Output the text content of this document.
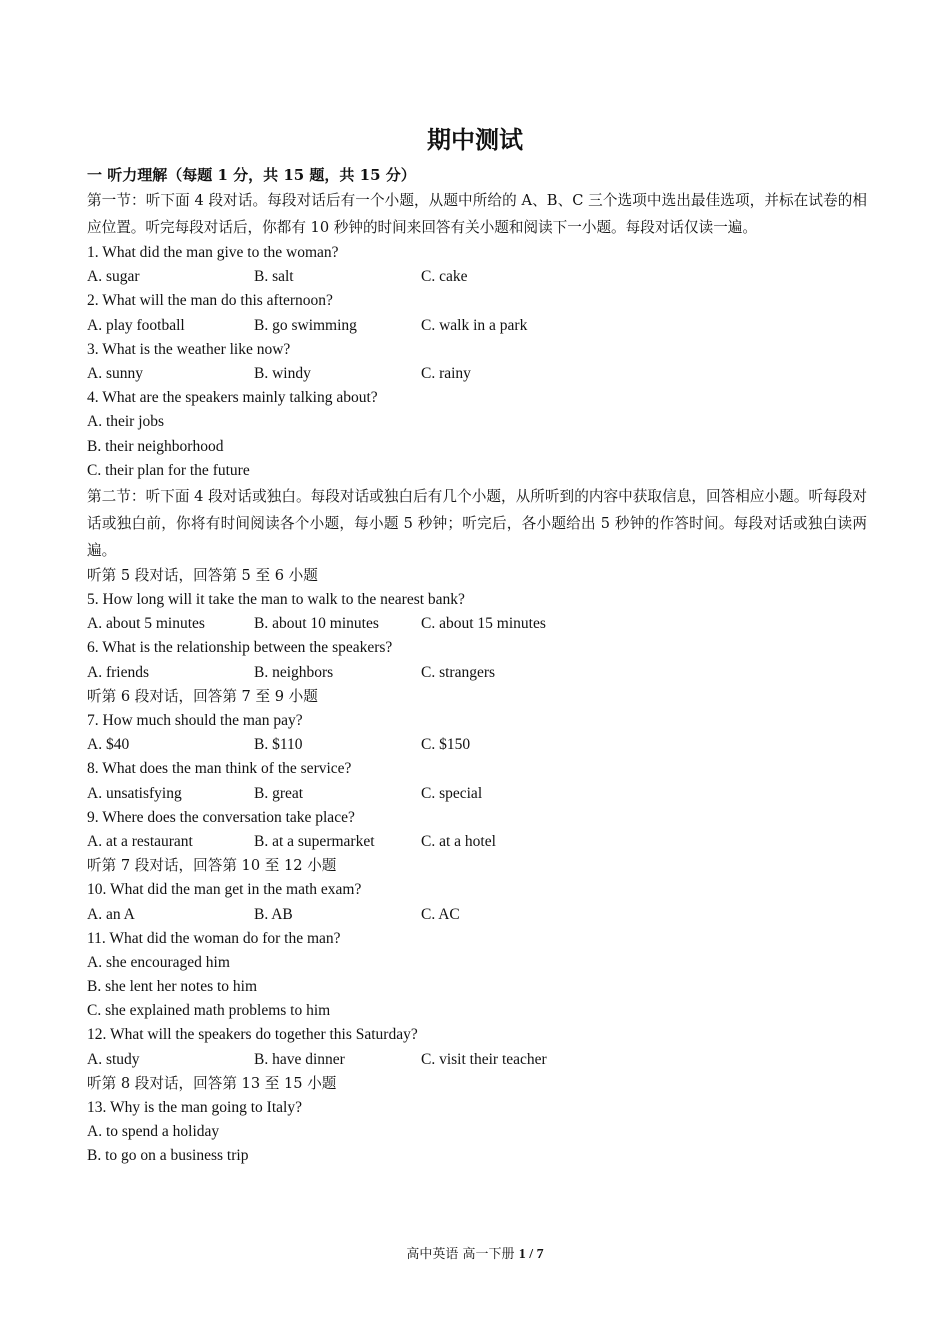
期中测试
一 听力理解（每题 1 分，共 15 题，共 15 分）
第一节：听下面 4 段对话。每段对话后有一个小题，从题中所给的 A、B、C 三个选项中选出最佳选项，并标在试卷的相应位置。听完每段对话后，你都有 10 秒钟的时间来回答有关小题和阅读下一小题。每段对话仅读一遍。
1. What did the man give to the woman?
A. sugar	B. salt	C. cake
2. What will the man do this afternoon?
A. play football	B. go swimming	C. walk in a park
3. What is the weather like now?
A. sunny	B. windy	C. rainy
4. What are the speakers mainly talking about?
A. their jobs
B. their neighborhood
C. their plan for the future
第二节：听下面 4 段对话或独白。每段对话或独白后有几个小题，从所听到的内容中获取信息，回答相应小题。听每段对话或独白前，你将有时间阅读各个小题，每小题 5 秒钟；听完后，各小题给出 5 秒钟的作答时间。每段对话或独白读两遍。
听第 5 段对话，回答第 5 至 6 小题
5. How long will it take the man to walk to the nearest bank?
A. about 5 minutes	B. about 10 minutes	C. about 15 minutes
6. What is the relationship between the speakers?
A. friends	B. neighbors	C. strangers
听第 6 段对话，回答第 7 至 9 小题
7. How much should the man pay?
A. $40	B. $110	C. $150
8. What does the man think of the service?
A. unsatisfying	B. great	C. special
9. Where does the conversation take place?
A. at a restaurant	B. at a supermarket	C. at a hotel
听第 7 段对话，回答第 10 至 12 小题
10. What did the man get in the math exam?
A. an A	B. AB	C. AC
11. What did the woman do for the man?
A. she encouraged him
B. she lent her notes to him
C. she explained math problems to him
12. What will the speakers do together this Saturday?
A. study	B. have dinner	C. visit their teacher
听第 8 段对话，回答第 13 至 15 小题
13. Why is the man going to Italy?
A. to spend a holiday
B. to go on a business trip
高中英语 高一下册 1 / 7
